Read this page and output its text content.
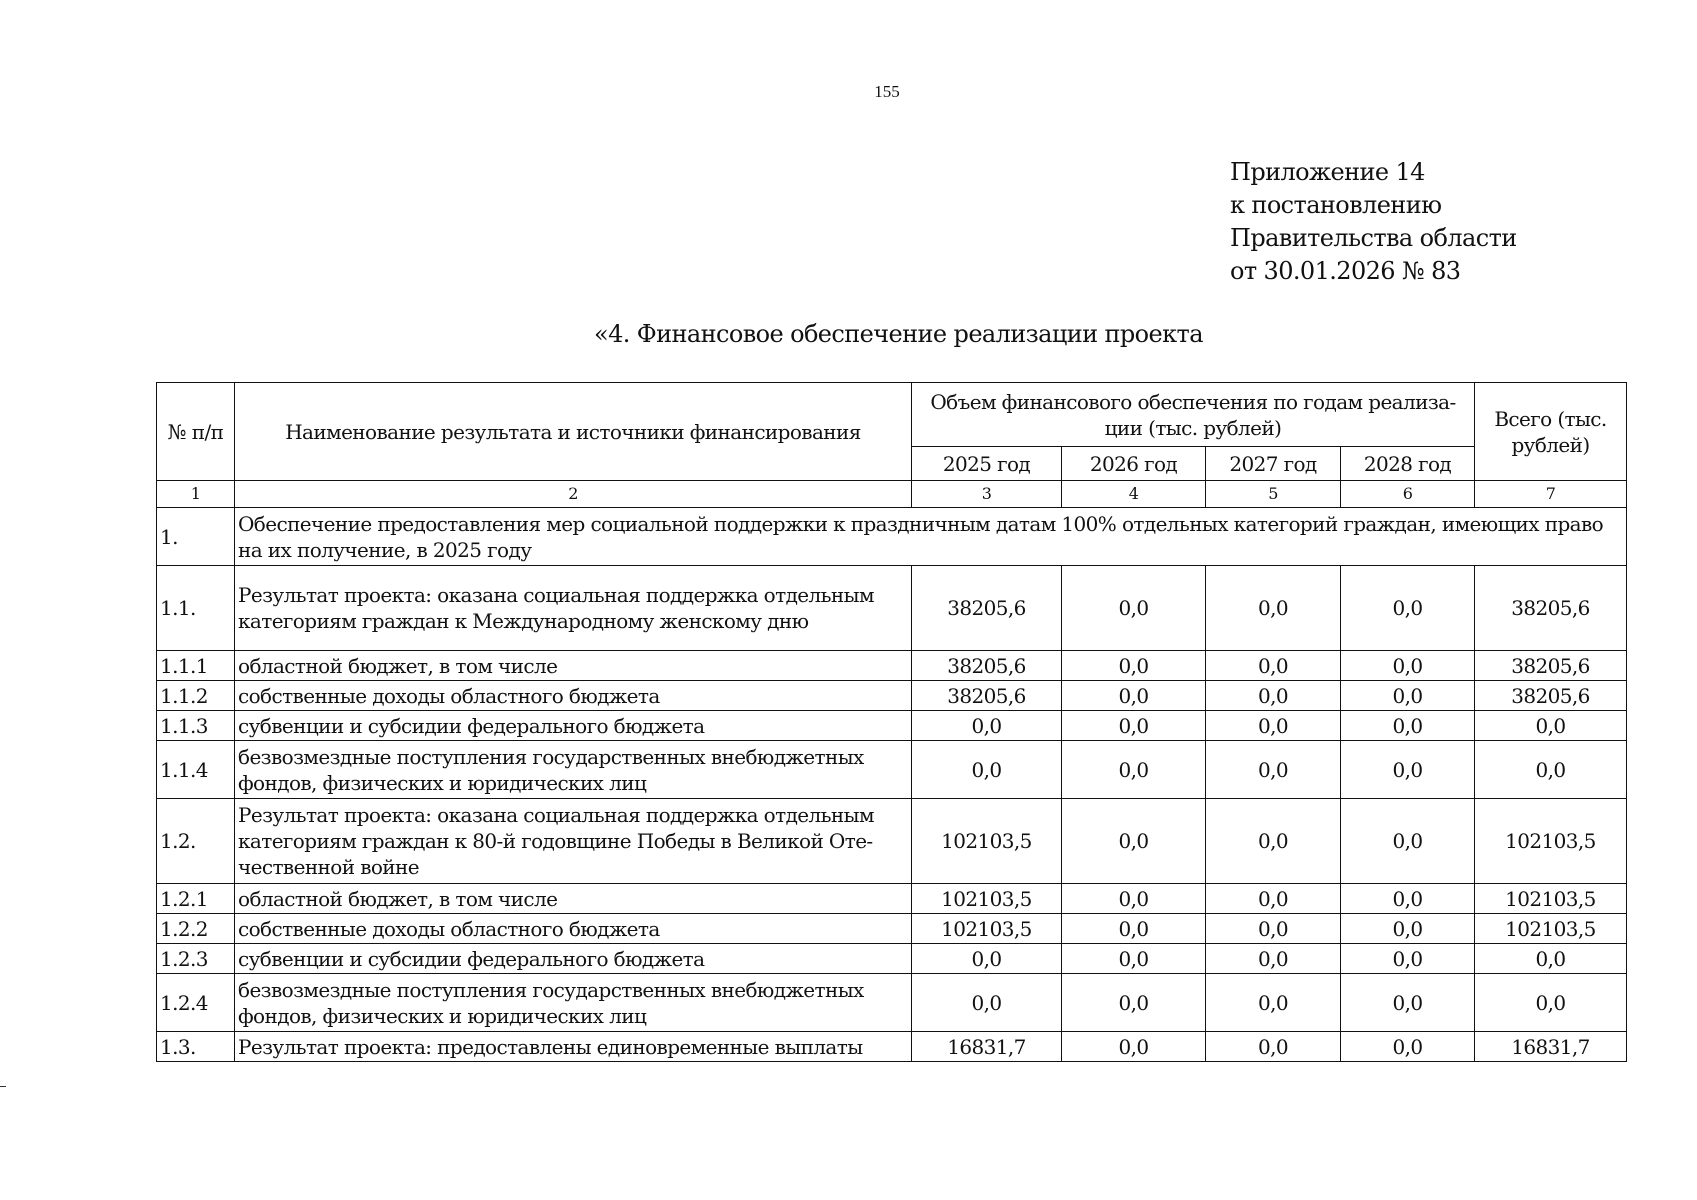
155
Приложение 14
к постановлению
Правительства области
от 30.01.2026 № 83
«4. Финансовое обеспечение реализации проекта
№ п/п	Наименование результата и источники финансирования	Объем финансового обеспечения по годам реализа-ции (тыс. рублей)				Всего (тыс. рублей)
		2025 год	2026 год	2027 год	2028 год	
1	2	3	4	5	6	7
1.	Обеспечение предоставления мер социальной поддержки к праздничным датам 100% отдельных категорий граждан, имеющих право на их получение, в 2025 году					
1.1.	Результат проекта: оказана социальная поддержка отдельным категориям граждан к Международному женскому дню	38205,6	0,0	0,0	0,0	38205,6
1.1.1	областной бюджет, в том числе	38205,6	0,0	0,0	0,0	38205,6
1.1.2	собственные доходы областного бюджета	38205,6	0,0	0,0	0,0	38205,6
1.1.3	субвенции и субсидии федерального бюджета	0,0	0,0	0,0	0,0	0,0
1.1.4	безвозмездные поступления государственных внебюджетных фондов, физических и юридических лиц	0,0	0,0	0,0	0,0	0,0
1.2.	Результат проекта: оказана социальная поддержка отдельным категориям граждан к 80-й годовщине Победы в Великой Оте-чественной войне	102103,5	0,0	0,0	0,0	102103,5
1.2.1	областной бюджет, в том числе	102103,5	0,0	0,0	0,0	102103,5
1.2.2	собственные доходы областного бюджета	102103,5	0,0	0,0	0,0	102103,5
1.2.3	субвенции и субсидии федерального бюджета	0,0	0,0	0,0	0,0	0,0
1.2.4	безвозмездные поступления государственных внебюджетных фондов, физических и юридических лиц	0,0	0,0	0,0	0,0	0,0
1.3.	Результат проекта: предоставлены единовременные выплаты	16831,7	0,0	0,0	0,0	16831,7
